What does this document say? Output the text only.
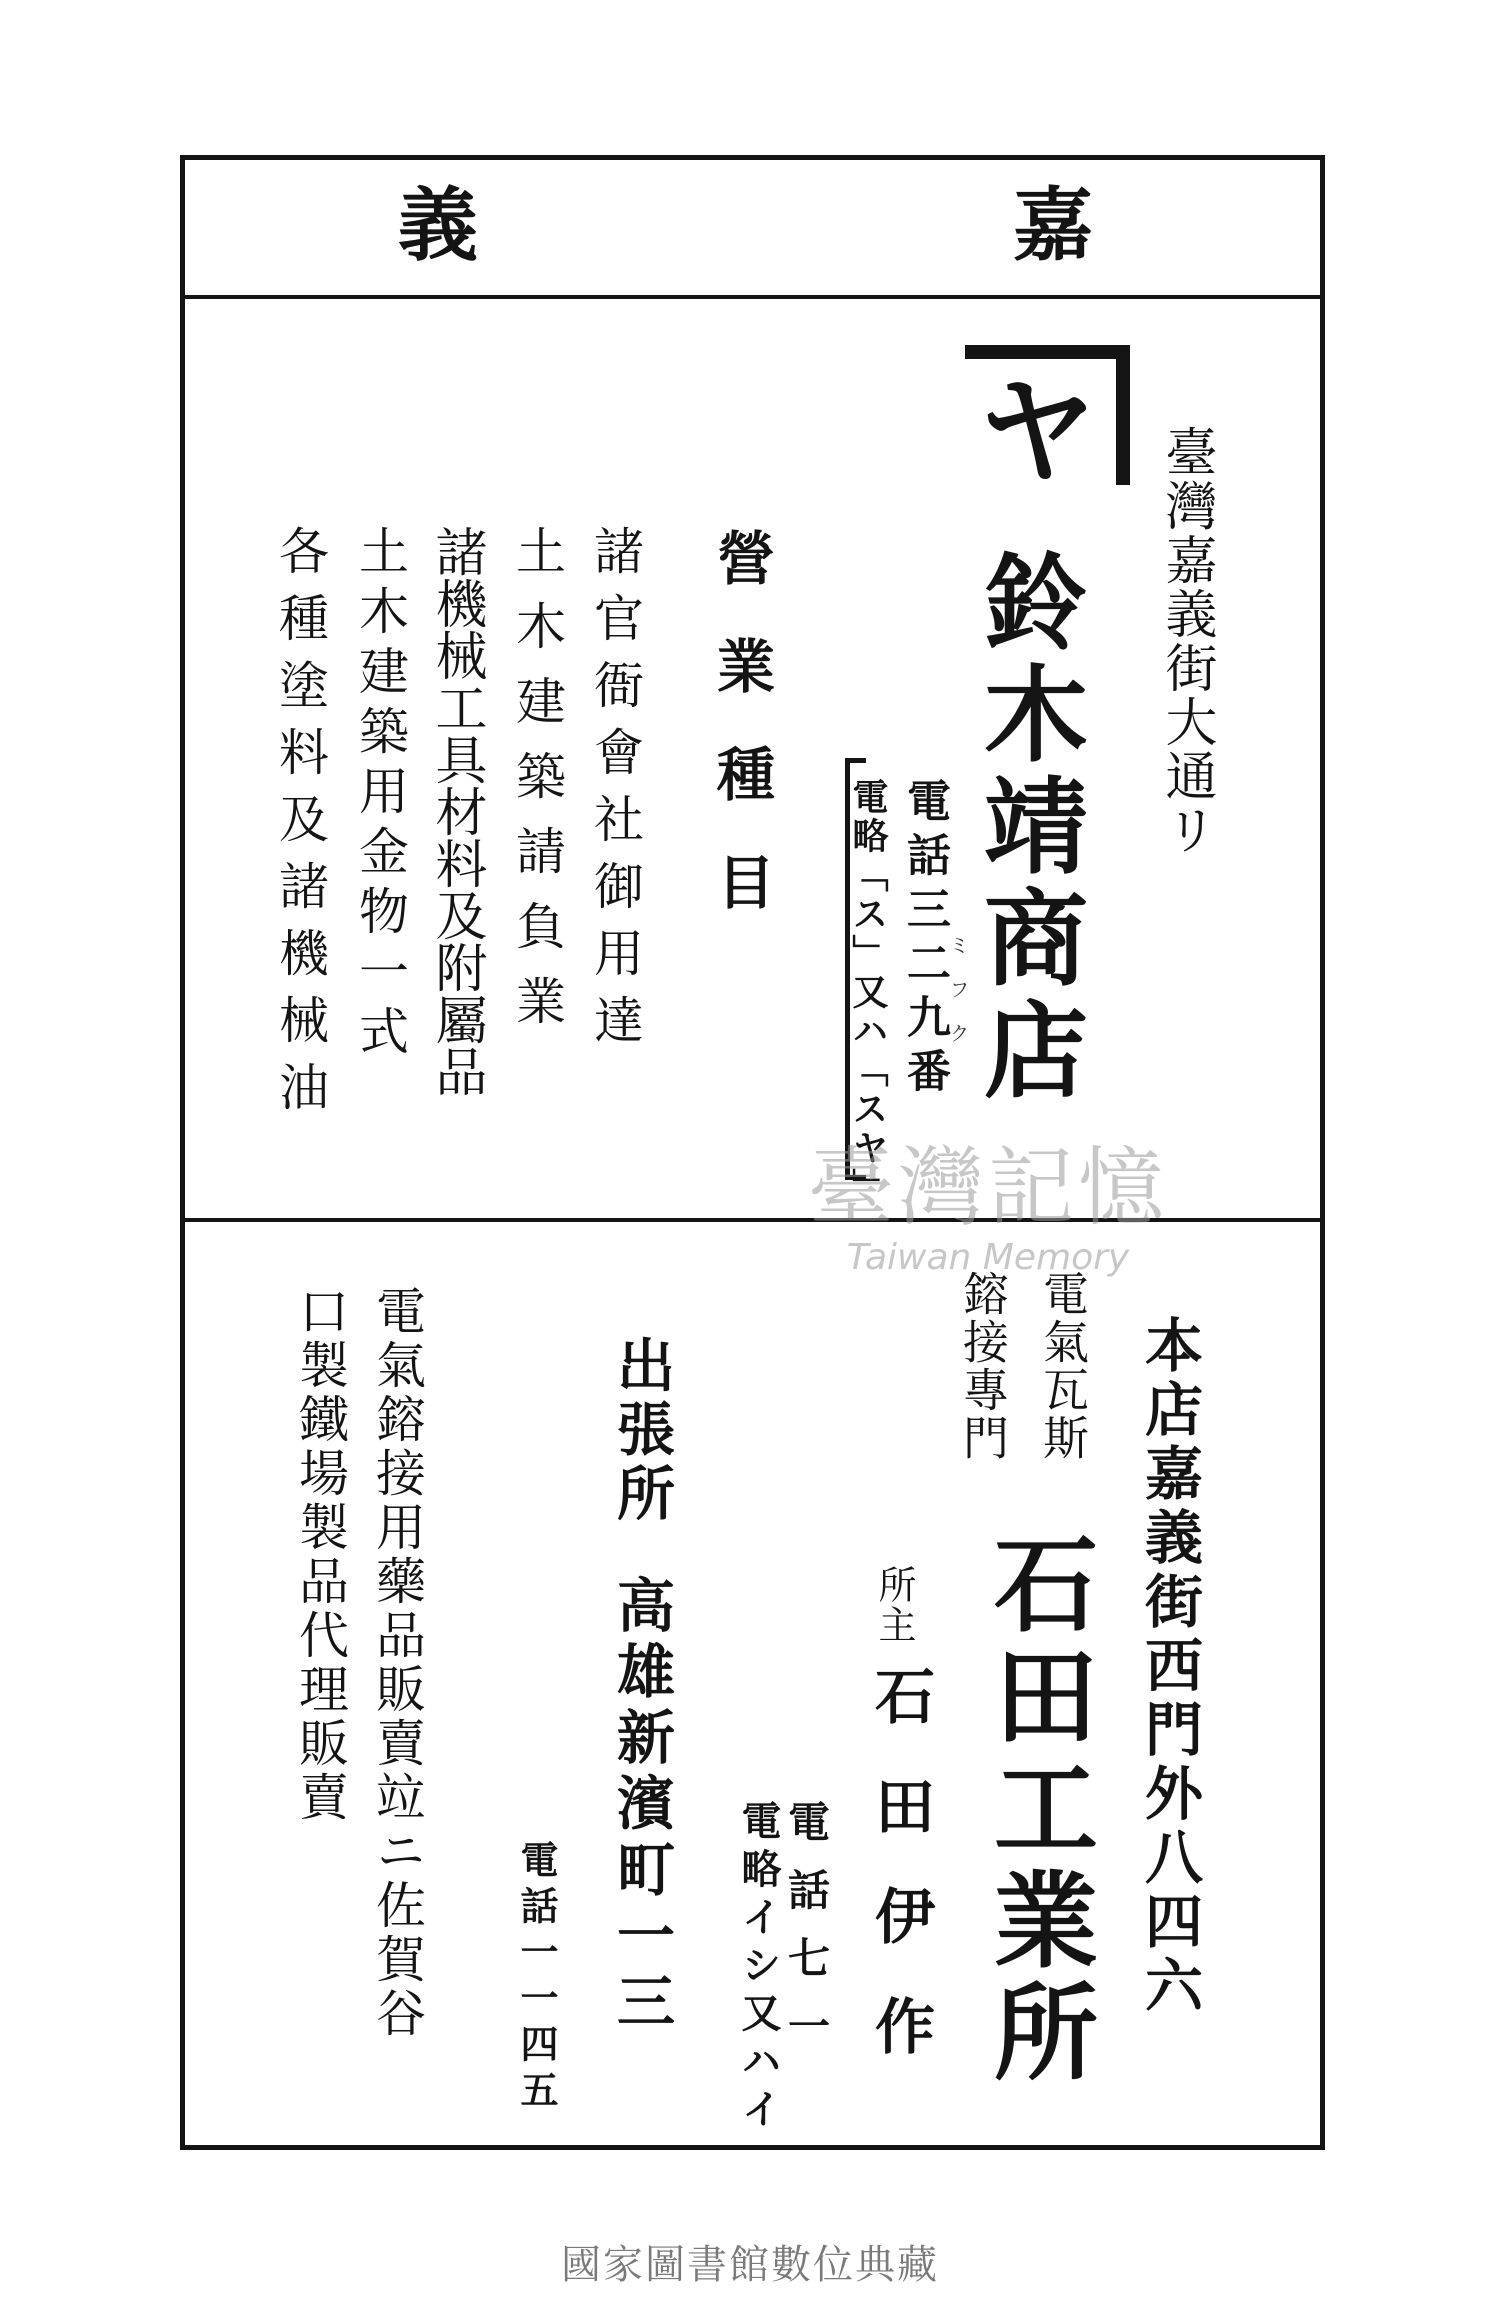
嘉
義
ヤ 臺灣嘉義街大通リ
鈴木靖商店
電話三二九番
ミフク
電略「ス」又ハ「スヤ」
營業種目
諸官衙會社御用達
土木建築請負業
諸機械工具材料及附屬品
土木建築用金物一式
各種塗料及諸機械油
本店嘉義街西門外八四六
電氣瓦斯
鎔接專門
石田工業所
所主
石田伊作
電話七一
電略イシ又ハイ
出張所
高雄新濱町一三
電話一一四五
電氣鎔接用藥品販賣竝ニ佐賀谷
口製鐵場製品代理販賣
臺灣記憶
Taiwan Memory
國家圖書館數位典藏
